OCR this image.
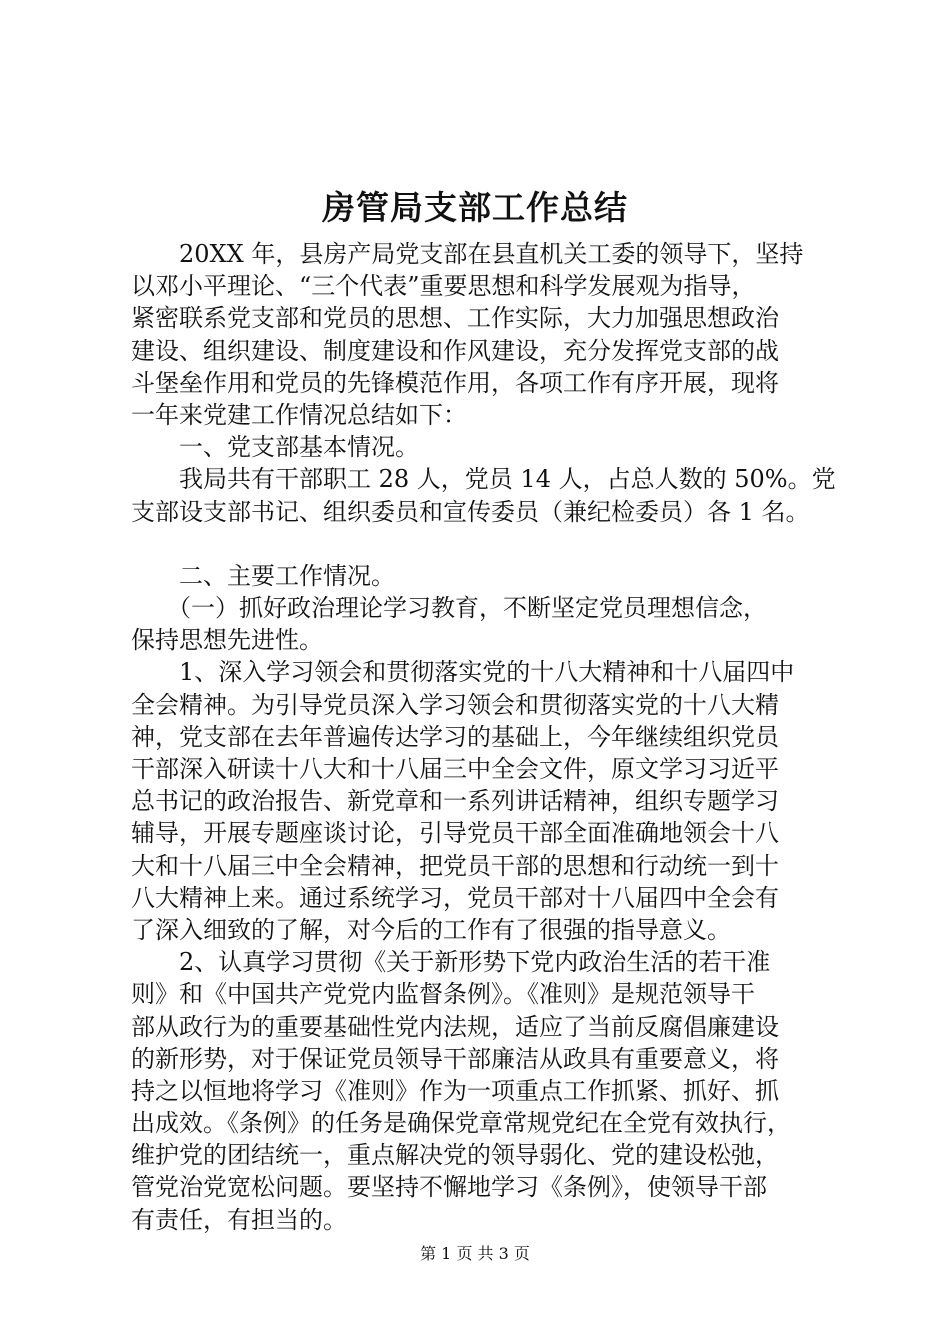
房管局支部工作总结
20XX 年，县房产局党支部在县直机关工委的领导下，坚持
以邓小平理论、“三个代表”重要思想和科学发展观为指导，
紧密联系党支部和党员的思想、工作实际，大力加强思想政治
建设、组织建设、制度建设和作风建设，充分发挥党支部的战
斗堡垒作用和党员的先锋模范作用，各项工作有序开展，现将
一年来党建工作情况总结如下：
一、党支部基本情况。
我局共有干部职工 28 人，党员 14 人，占总人数的 50%。党
支部设支部书记、组织委员和宣传委员（兼纪检委员）各 1 名。
二、主要工作情况。
（一）抓好政治理论学习教育，不断坚定党员理想信念，
保持思想先进性。
1、深入学习领会和贯彻落实党的十八大精神和十八届四中
全会精神。为引导党员深入学习领会和贯彻落实党的十八大精
神，党支部在去年普遍传达学习的基础上，今年继续组织党员
干部深入研读十八大和十八届三中全会文件，原文学习习近平
总书记的政治报告、新党章和一系列讲话精神，组织专题学习
辅导，开展专题座谈讨论，引导党员干部全面准确地领会十八
大和十八届三中全会精神，把党员干部的思想和行动统一到十
八大精神上来。通过系统学习，党员干部对十八届四中全会有
了深入细致的了解，对今后的工作有了很强的指导意义。
2、认真学习贯彻《关于新形势下党内政治生活的若干准
则》和《中国共产党党内监督条例》。《准则》是规范领导干
部从政行为的重要基础性党内法规，适应了当前反腐倡廉建设
的新形势，对于保证党员领导干部廉洁从政具有重要意义，将
持之以恒地将学习《准则》作为一项重点工作抓紧、抓好、抓
出成效。《条例》的任务是确保党章常规党纪在全党有效执行，
维护党的团结统一，重点解决党的领导弱化、党的建设松弛，
管党治党宽松问题。要坚持不懈地学习《条例》，使领导干部
有责任，有担当的。
第 1 页 共 3 页
